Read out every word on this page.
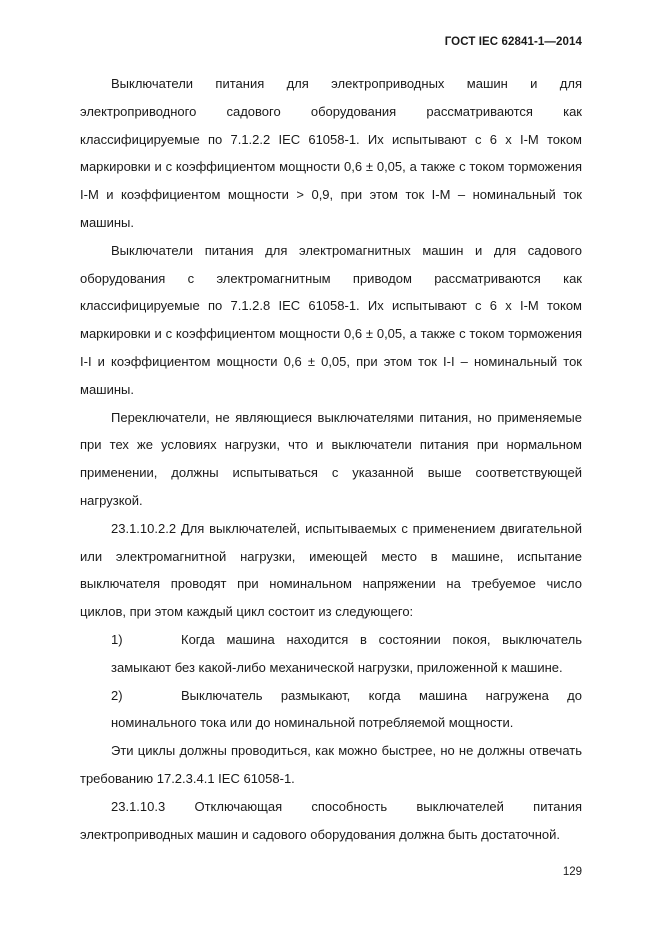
ГОСТ IEC 62841-1—2014

Выключатели питания для электроприводных машин и для электроприводного садового оборудования рассматриваются как классифицируемые по 7.1.2.2 IEC 61058-1. Их испытывают с 6 х I-M током маркировки и с коэффициентом мощности 0,6 ± 0,05, а также с током торможения I-M и коэффициентом мощности > 0,9, при этом ток I-M – номинальный ток машины.

Выключатели питания для электромагнитных машин и для садового оборудования с электромагнитным приводом рассматриваются как классифицируемые по 7.1.2.8 IEC 61058-1. Их испытывают с 6 х I-M током маркировки и с коэффициентом мощности 0,6 ± 0,05, а также с током торможения I-I и коэффициентом мощности 0,6 ± 0,05, при этом ток I-I – номинальный ток машины.

Переключатели, не являющиеся выключателями питания, но применяемые при тех же условиях нагрузки, что и выключатели питания при нормальном применении, должны испытываться с указанной выше соответствующей нагрузкой.

23.1.10.2.2 Для выключателей, испытываемых с применением двигательной или электромагнитной нагрузки, имеющей место в машине, испытание выключателя проводят при номинальном напряжении на требуемое число циклов, при этом каждый цикл состоит из следующего:

1)	Когда машина находится в состоянии покоя, выключатель замыкают без какой-либо механической нагрузки, приложенной к машине.

2)	Выключатель размыкают, когда машина нагружена до номинального тока или до номинальной потребляемой мощности.

Эти циклы должны проводиться, как можно быстрее, но не должны отвечать требованию 17.2.3.4.1 IEC 61058-1.

23.1.10.3 Отключающая способность выключателей питания электроприводных машин и садового оборудования должна быть достаточной.

129
